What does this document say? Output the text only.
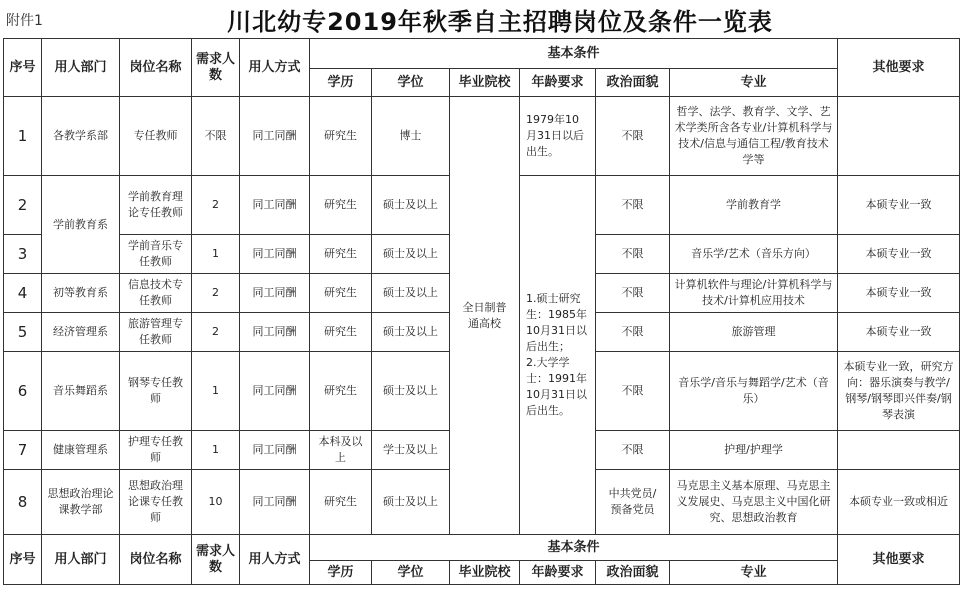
附件1	川北幼专2019年秋季自主招聘岗位及条件一览表
序号	用人部门	岗位名称	需求人数	用人方式	基本条件						其他要求
					学历	学位	毕业院校	年龄要求	政治面貌	专业	
1	各教学系部	专任教师	不限	同工同酬	研究生	博士	全日制普通高校	1979年10月31日以后出生。	不限	哲学、法学、教育学、文学、艺术学类所含各专业/计算机科学与技术/信息与通信工程/教育技术学等	
2	学前教育系	学前教育理论专任教师	2	同工同酬	研究生	硕士及以上		1.硕士研究生：1985年10月31日以后出生；
2.大学学士：1991年10月31日以后出生。	不限	学前教育学	本硕专业一致
3		学前音乐专任教师	1	同工同酬	研究生	硕士及以上			不限	音乐学/艺术（音乐方向）	本硕专业一致
4	初等教育系	信息技术专任教师	2	同工同酬	研究生	硕士及以上			不限	计算机软件与理论/计算机科学与技术/计算机应用技术	本硕专业一致
5	经济管理系	旅游管理专任教师	2	同工同酬	研究生	硕士及以上			不限	旅游管理	本硕专业一致
6	音乐舞蹈系	钢琴专任教师	1	同工同酬	研究生	硕士及以上			不限	音乐学/音乐与舞蹈学/艺术（音乐）	本硕专业一致，研究方向：器乐演奏与教学/钢琴/钢琴即兴伴奏/钢琴表演
7	健康管理系	护理专任教师	1	同工同酬	本科及以上	学士及以上			不限	护理/护理学	
8	思想政治理论课教学部	思想政治理论课专任教师	10	同工同酬	研究生	硕士及以上			中共党员/预备党员	马克思主义基本原理、马克思主义发展史、马克思主义中国化研究、思想政治教育	本硕专业一致或相近
序号	用人部门	岗位名称	需求人数	用人方式	基本条件						其他要求
					学历	学位	毕业院校	年龄要求	政治面貌	专业	
